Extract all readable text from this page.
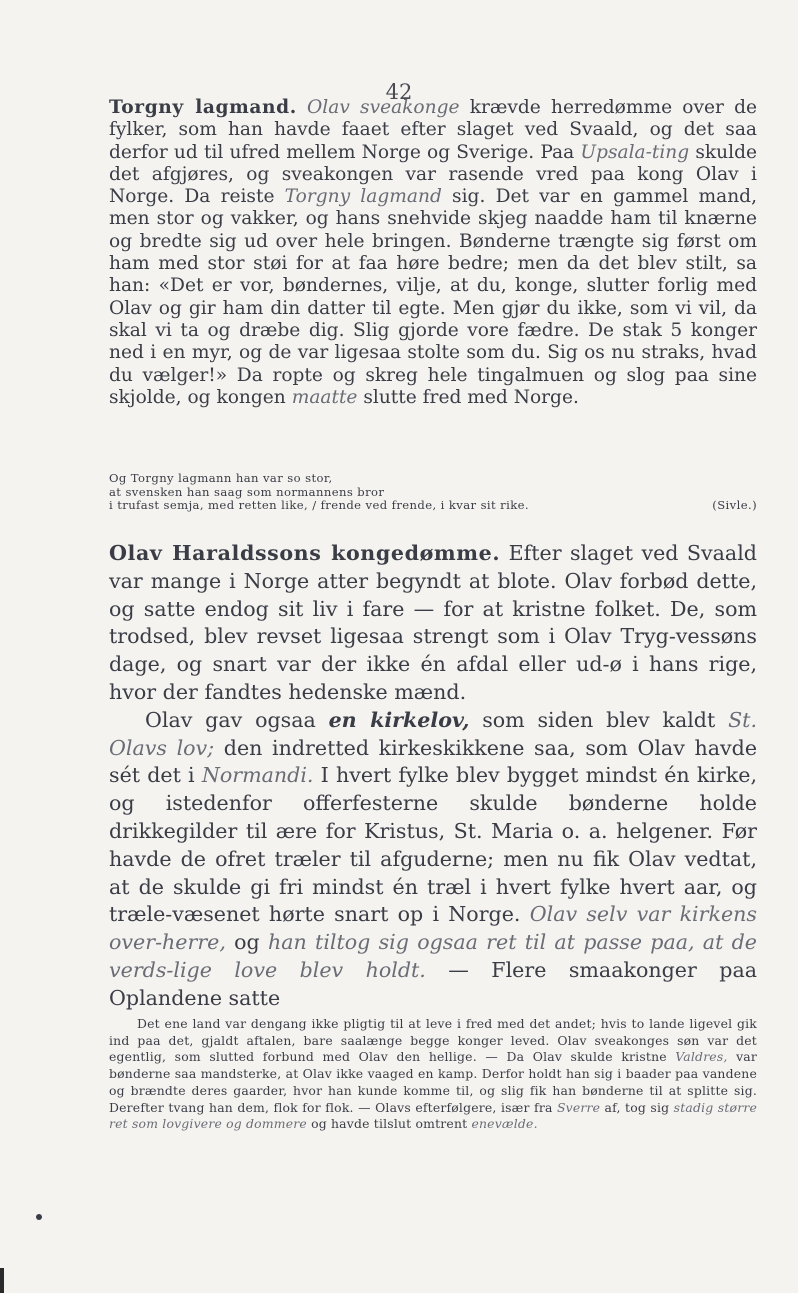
42
Torgny lagmand. Olav sveakonge krævde herredømme over de fylker, som han havde faaet efter slaget ved Svaald, og det saa derfor ud til ufred mellem Norge og Sverige. Paa Upsala-ting skulde det afgjøres, og sveakongen var rasende vred paa kong Olav i Norge. Da reiste Torgny lagmand sig. Det var en gammel mand, men stor og vakker, og hans snehvide skjeg naadde ham til knærne og bredte sig ud over hele bringen. Bønderne trængte sig først om ham med stor støi for at faa høre bedre; men da det blev stilt, sa han: «Det er vor, bøndernes, vilje, at du, konge, slutter forlig med Olav og gir ham din datter til egte. Men gjør du ikke, som vi vil, da skal vi ta og dræbe dig. Slig gjorde vore fædre. De stak 5 konger ned i en myr, og de var ligesaa stolte som du. Sig os nu straks, hvad du vælger!» Da ropte og skreg hele tingalmuen og slog paa sine skjolde, og kongen maatte slutte fred med Norge.
Og Torgny lagmann han var so stor,
at svensken han saag som normannens bror
i trufast semja, med retten like, / frende ved frende, i kvar sit rike.	(Sivle.)
Olav Haraldssons kongedømme. Efter slaget ved Svaald var mange i Norge atter begyndt at blote. Olav forbød dette, og satte endog sit liv i fare — for at kristne folket. De, som trodsed, blev revset ligesaa strengt som i Olav Tryg-vessøns dage, og snart var der ikke én afdal eller ud-ø i hans rige, hvor der fandtes hedenske mænd.
Olav gav ogsaa en kirkelov, som siden blev kaldt St. Olavs lov; den indretted kirkeskikkene saa, som Olav havde sét det i Normandi. I hvert fylke blev bygget mindst én kirke, og istedenfor offerfesterne skulde bønderne holde drikkegilder til ære for Kristus, St. Maria o. a. helgener. Før havde de ofret træler til afguderne; men nu fik Olav vedtat, at de skulde gi fri mindst én træl i hvert fylke hvert aar, og træle-væsenet hørte snart op i Norge. Olav selv var kirkens over-herre, og han tiltog sig ogsaa ret til at passe paa, at de verds-lige love blev holdt. — Flere smaakonger paa Oplandene satte
Det ene land var dengang ikke pligtig til at leve i fred med det andet; hvis to lande ligevel gik ind paa det, gjaldt aftalen, bare saalænge begge konger leved. Olav sveakonges søn var det egentlig, som slutted forbund med Olav den hellige. — Da Olav skulde kristne Valdres, var bønderne saa mandsterke, at Olav ikke vaaged en kamp. Derfor holdt han sig i baader paa vandene og brændte deres gaarder, hvor han kunde komme til, og slig fik han bønderne til at splitte sig. Derefter tvang han dem, flok for flok. — Olavs efterfølgere, især fra Sverre af, tog sig stadig større ret som lovgivere og dommere og havde tilslut omtrent enevælde.
